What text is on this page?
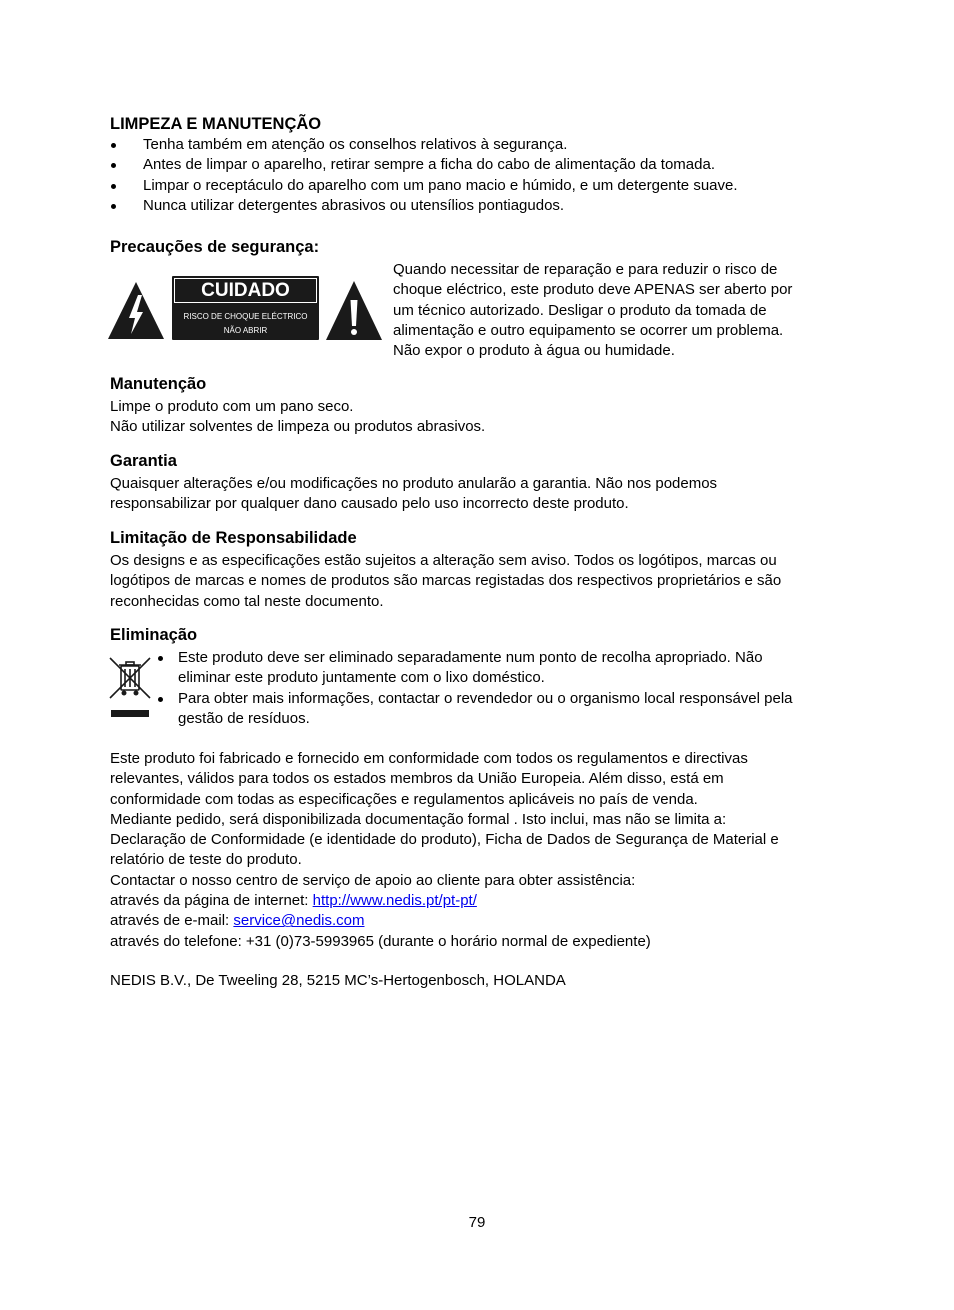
LIMPEZA E MANUTENÇÃO

Tenha também em atenção os conselhos relativos à segurança.
Antes de limpar o aparelho, retirar sempre a ficha do cabo de alimentação da tomada.
Limpar o receptáculo do aparelho com um pano macio e húmido, e um detergente suave.
Nunca utilizar detergentes abrasivos ou utensílios pontiagudos.

Precauções de segurança:

CUIDADO
RISCO DE CHOQUE ELÉCTRICO
NÃO ABRIR

Quando necessitar de reparação e para reduzir o risco de

choque eléctrico, este produto deve APENAS ser aberto por

um técnico autorizado. Desligar o produto da tomada de

alimentação e outro equipamento se ocorrer um problema.

Não expor o produto à água ou humidade.

Manutenção

Limpe o produto com um pano seco.

Não utilizar solventes de limpeza ou produtos abrasivos.

Garantia

Quaisquer alterações e/ou modificações no produto anularão a garantia. Não nos podemos

responsabilizar por qualquer dano causado pelo uso incorrecto deste produto.

Limitação de Responsabilidade

Os designs e as especificações estão sujeitos a alteração sem aviso. Todos os logótipos, marcas ou

logótipos de marcas e nomes de produtos são marcas registadas dos respectivos proprietários e são

reconhecidas como tal neste documento.

Eliminação

Este produto deve ser eliminado separadamente num ponto de recolha apropriado. Não
eliminar este produto juntamente com o lixo doméstico.
Para obter mais informações, contactar o revendedor ou o organismo local responsável pela
gestão de resíduos.

Este produto foi fabricado e fornecido em conformidade com todos os regulamentos e directivas

relevantes, válidos para todos os estados membros da União Europeia. Além disso, está em

conformidade com todas as especificações e regulamentos aplicáveis no país de venda.

Mediante pedido, será disponibilizada documentação formal . Isto inclui, mas não se limita a:

Declaração de Conformidade (e identidade do produto), Ficha de Dados de Segurança de Material e

relatório de teste do produto.

Contactar o nosso centro de serviço de apoio ao cliente para obter assistência:

através da página de internet: http://www.nedis.pt/pt-pt/

através de e-mail: service@nedis.com

através do telefone: +31 (0)73-5993965 (durante o horário normal de expediente)

NEDIS B.V., De Tweeling 28, 5215 MC’s-Hertogenbosch, HOLANDA

79
